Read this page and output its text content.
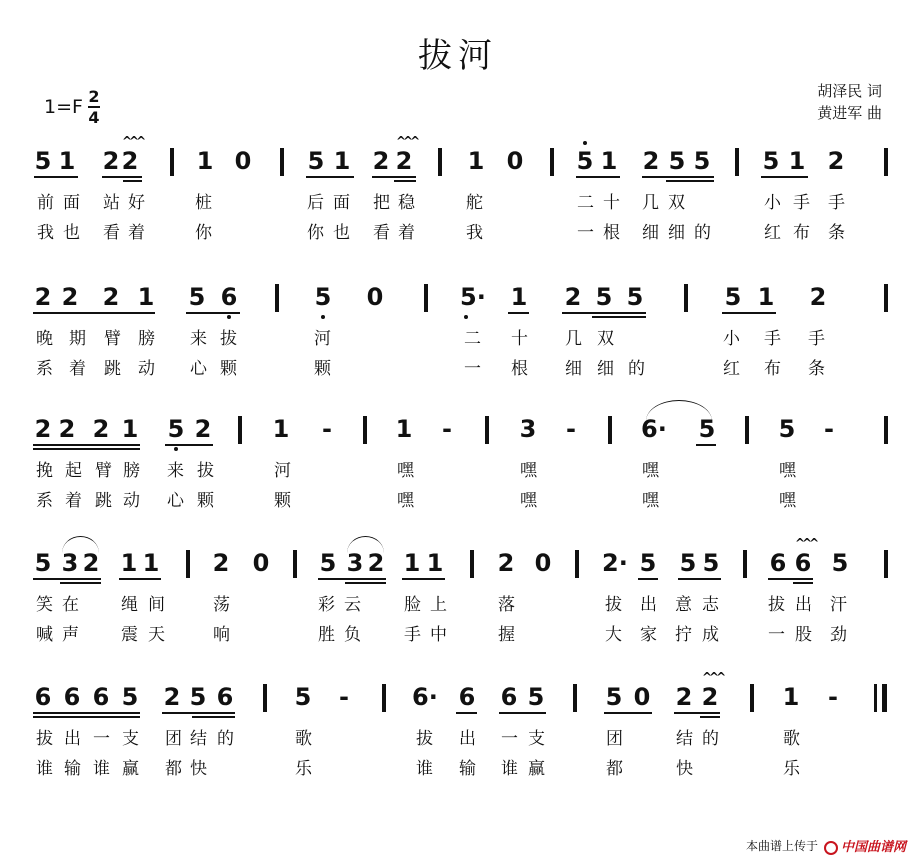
拔河
$1=F \frac{2}{4}$	胡泽民 词
黄进军 曲
5 1 2 2 1 0 5 1 2 2 1 0 5 1 2 5 5 5 1 2
^^^	^^^
前 面 站 好	桩	后 面 把 稳	舵	二 十 几 双	小 手 手
我 也 看 着	你	你 也 看 着	我	一 根 细 细 的	红 布 条
2 2 2 1 5 6	5 0	5· 1 2 5 5	5 1 2
晚 期 臂 膀 来 拔	河	二 十 几 双	小 手 手
系 着 跳 动 心 颗	颗	一 根 细 细 的	红 布 条
2 2 2 1 5 2	1 -	1 -	3 -	6· 5	5 -
挽 起 臂 膀 来 拔	河	嘿	嘿	嘿	嘿
系 着 跳 动 心 颗	颗	嘿	嘿	嘿	嘿
5 3 2 1 1 2 0 5 3 2 1 1 2 0 2· 5 5 5 6 6 5
^^^
笑 在 绳 间	荡	彩 云	脸 上	落	拔 出 意 志	拔 出 汗
喊 声 震 天	响	胜 负	手 中	握	大 家 拧 成	一 股 劲
6 6 6 5 2 5 6	5 -	6· 6 6 5	5 0 2 2	1 -
^^^
拔 出 一 支 团 结 的	歌	拔 出 一 支	团	结 的	歌
谁 输 谁 赢 都 快	乐	谁 输 谁 赢	都	快	乐
本曲谱上传于	中国曲谱网
